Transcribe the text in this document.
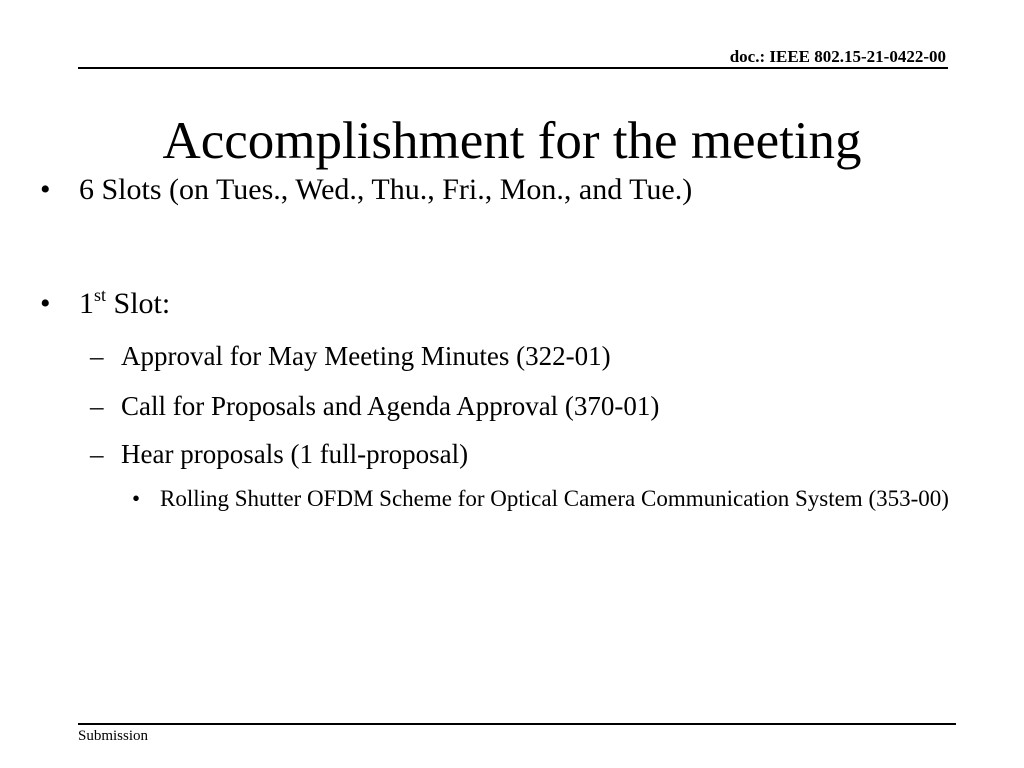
doc.: IEEE 802.15-21-0422-00
Accomplishment for the meeting
• 6 Slots (on Tues., Wed., Thu., Fri., Mon., and Tue.)
• 1st Slot:
– Approval for May Meeting Minutes (322-01)
– Call for Proposals and Agenda Approval (370-01)
– Hear proposals (1 full-proposal)
• Rolling Shutter OFDM Scheme for Optical Camera Communication System (353-00)
Submission
